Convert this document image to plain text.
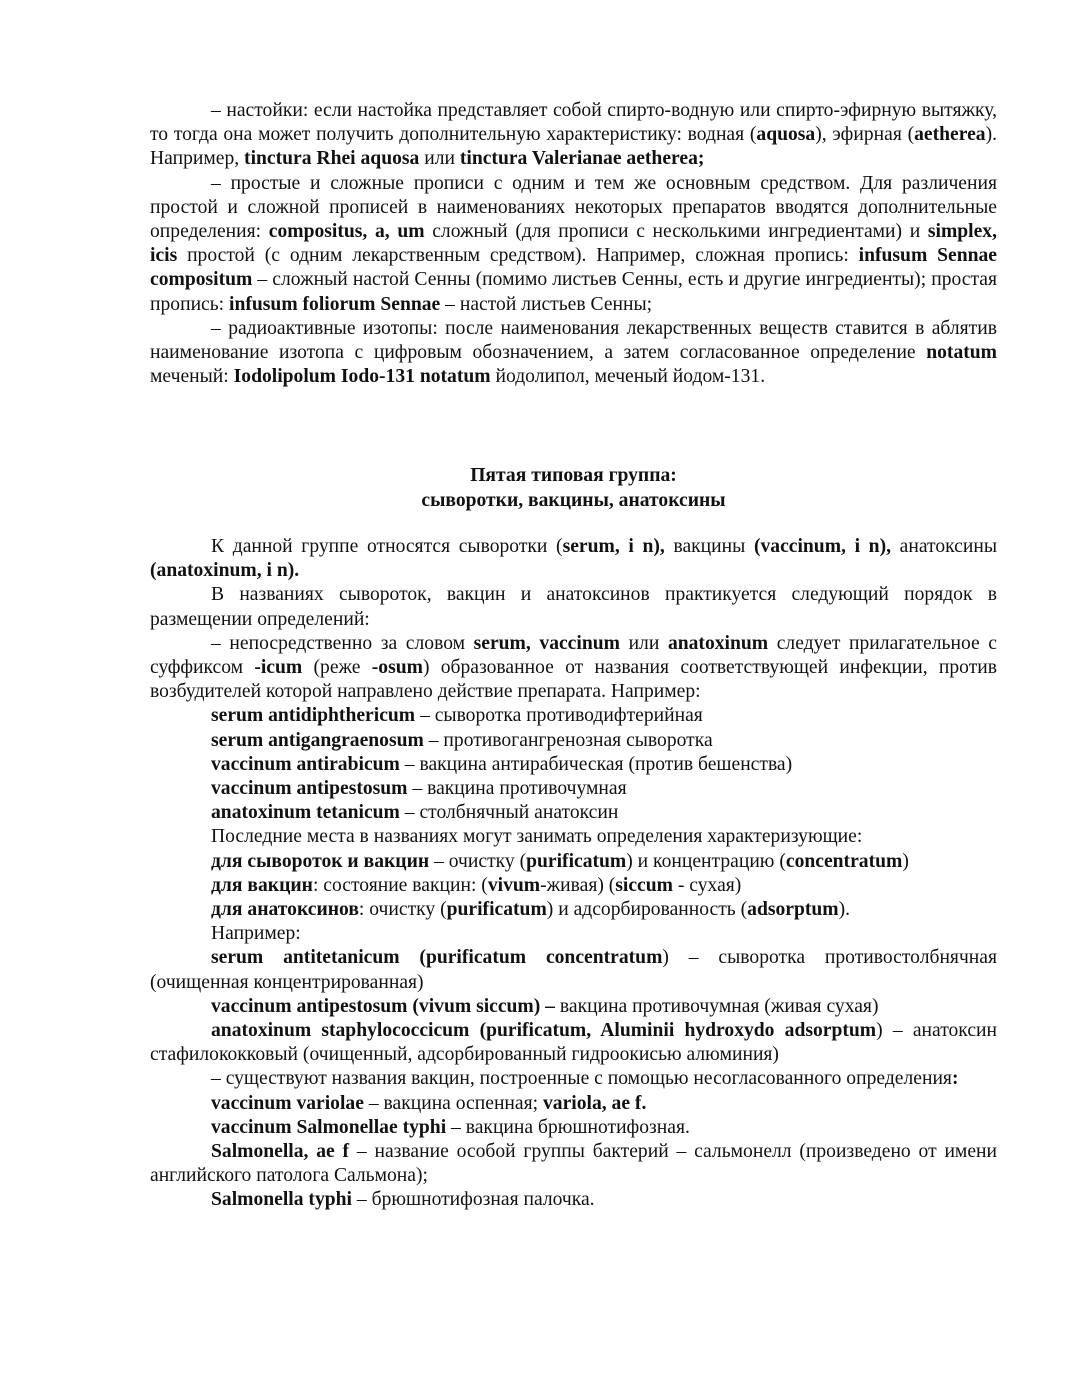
– настойки: если настойка представляет собой спирто-водную или спирто-эфирную вытяжку, то тогда она может получить дополнительную характеристику: водная (aquosa), эфирная (aetherea). Например, tinctura Rhei aquosa или tinctura Valerianae aetherea;

– простые и сложные прописи с одним и тем же основным средством. Для различения простой и сложной прописей в наименованиях некоторых препаратов вводятся дополнительные определения: compositus, a, um сложный (для прописи с несколькими ингредиентами) и simplex, icis простой (с одним лекарственным средством). Например, сложная пропись: infusum Sennae compositum – сложный настой Сенны (помимо листьев Сенны, есть и другие ингредиенты); простая пропись: infusum foliorum Sennae – настой листьев Сенны;

– радиоактивные изотопы: после наименования лекарственных веществ ставится в аблятив наименование изотопа с цифровым обозначением, а затем согласованное определение notatum меченый: Iodolipolum Iodo-131 notatum йодолипол, меченый йодом-131.

Пятая типовая группа:
сыворотки, вакцины, анатоксины

К данной группе относятся сыворотки (serum, i n), вакцины (vaccinum, i n), анатоксины (anatoxinum, i n).

В названиях сывороток, вакцин и анатоксинов практикуется следующий порядок в размещении определений:

– непосредственно за словом serum, vaccinum или anatoxinum следует прилагательное с суффиксом -icum (реже -osum) образованное от названия соответствующей инфекции, против возбудителей которой направлено действие препарата. Например:

serum antidiphthericum – сыворотка противодифтерийная

serum antigangraenosum – противогангренозная сыворотка

vaccinum antirabicum – вакцина антирабическая (против бешенства)

vaccinum antipestosum – вакцина противочумная

anatoxinum tetanicum – столбнячный анатоксин

Последние места в названиях могут занимать определения характеризующие:

для сывороток и вакцин – очистку (purificatum) и концентрацию (concentratum)

для вакцин: состояние вакцин: (vivum-живая) (siccum - сухая)

для анатоксинов: очистку (purificatum) и адсорбированность (adsorptum).

Например:

serum antitetanicum (purificatum concentratum) – сыворотка противостолбнячная (очищенная концентрированная)

vaccinum antipestosum (vivum siccum) – вакцина противочумная (живая сухая)

anatoxinum staphylococcicum (purificatum, Aluminii hydroxydo adsorptum) – анатоксин стафилококковый (очищенный, адсорбированный гидроокисью алюминия)

– существуют названия вакцин, построенные с помощью несогласованного определения:

vaccinum variolae – вакцина оспенная; variola, ae f.

vaccinum Salmonellae typhi – вакцина брюшнотифозная.

Salmonella, ae f – название особой группы бактерий – сальмонелл (произведено от имени английского патолога Сальмона);

Salmonella typhi – брюшнотифозная палочка.
